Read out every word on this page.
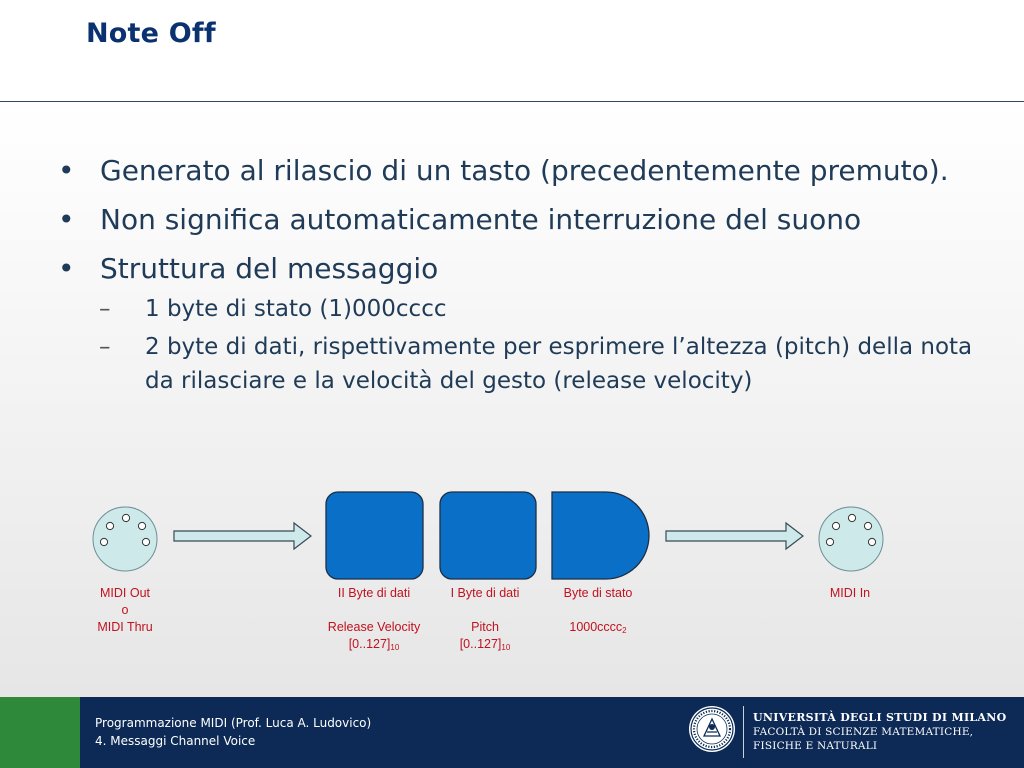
Note Off
• Generato al rilascio di un tasto (precedentemente premuto).
• Non significa automaticamente interruzione del suono
• Struttura del messaggio
– 1 byte di stato (1)000cccc
– 2 byte di dati, rispettivamente per esprimere l’altezza (pitch) della nota da rilasciare e la velocità del gesto (release velocity)
MIDI Out
o
MIDI Thru
II Byte di dati
Release Velocity
$[0..127]_{10}$
I Byte di dati
Pitch
$[0..127]_{10}$
Byte di stato
1000cccc$_2$
MIDI In
Programmazione MIDI (Prof. Luca A. Ludovico)
4. Messaggi Channel Voice
UNIVERSITÀ DEGLI STUDI DI MILANO
FACOLTÀ DI SCIENZE MATEMATICHE,
FISICHE E NATURALI
